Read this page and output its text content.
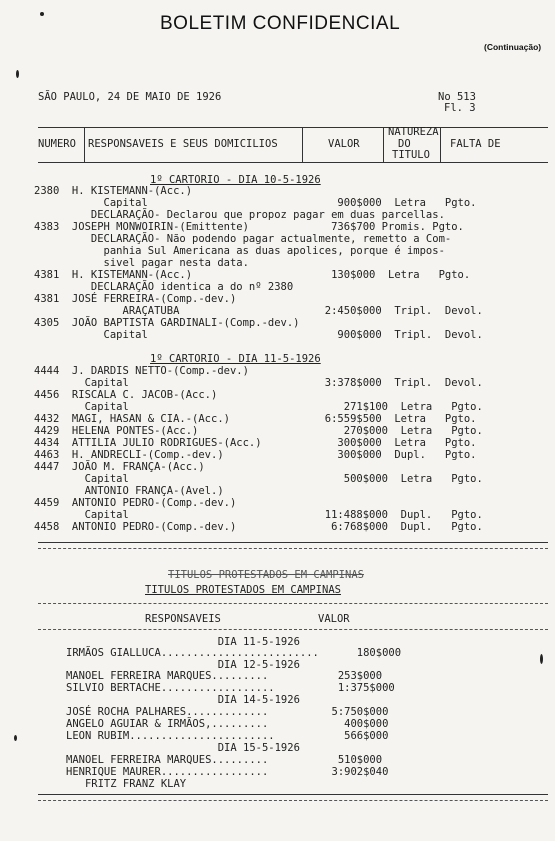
BOLETIM CONFIDENCIAL
(Continuação)
SÃO PAULO, 24 DE MAIO DE 1926	No 513
Fl. 3
NUMERO RESPONSAVEIS E SEUS DOMICILIOS	VALOR
NATUREZA
DO
TITULO
FALTA DE
1º CARTORIO - DIA 10-5-1926
1º CARTORIO - DIA 11-5-1926
2380  H. KISTEMANN-(Acc.)
Capital                              900$000  Letra   Pgto.
DECLARAÇÃO- Declarou que propoz pagar em duas parcellas.
4383  JOSEPH MONWOIRIN-(Emittente)             736$700 Promis. Pgto.
DECLARAÇÃO- Não podendo pagar actualmente, remetto a Com-
panhia Sul Americana as duas apolices, porque é impos-
sivel pagar nesta data.
4381  H. KISTEMANN-(Acc.)                      130$000  Letra   Pgto.
DECLARAÇÃO identica a do nº 2380
4381  JOSÉ FERREIRA-(Comp.-dev.)
ARAÇATUBA                       2:450$000  Tripl.  Devol.
4305  JOÃO BAPTISTA GARDINALI-(Comp.-dev.)
Capital                              900$000  Tripl.  Devol.
4444  J. DARDIS NETTO-(Comp.-dev.)
Capital                               3:378$000  Tripl.  Devol.
4456  RISCALA C. JACOB-(Acc.)
Capital                                  271$100  Letra   Pgto.
4432  MAGI, HASAN & CIA.-(Acc.)               6:559$500  Letra   Pgto.
4429  HELENA PONTES-(Acc.)                       270$000  Letra   Pgto.
4434  ATTILIA JULIO RODRIGUES-(Acc.)            300$000  Letra   Pgto.
4463  H. ANDRECLI-(Comp.-dev.)                  300$000  Dupl.   Pgto.
4447  JOÃO M. FRANÇA-(Acc.)
Capital                                  500$000  Letra   Pgto.
ANTONIO FRANÇA-(Avel.)
4459  ANTONIO PEDRO-(Comp.-dev.)
Capital                               11:488$000  Dupl.   Pgto.
4458  ANTONIO PEDRO-(Comp.-dev.)               6:768$000  Dupl.   Pgto.
TITULOS PROTESTADOS EM CAMPINAS
TITULOS PROTESTADOS EM CAMPINAS
RESPONSAVEIS	VALOR
DIA 11-5-1926
IRMÃOS GIALLUCA.........................      180$000
DIA 12-5-1926
MANOEL FERREIRA MARQUES.........           253$000
SILVIO BERTACHE..................          1:375$000
DIA 14-5-1926
JOSÉ ROCHA PALHARES.............          5:750$000
ANGELO AGUIAR & IRMÃOS,.........            400$000
LEON RUBIM.......................           566$000
DIA 15-5-1926
MANOEL FERREIRA MARQUES.........           510$000
HENRIQUE MAURER.................          3:902$040
FRITZ FRANZ KLAY
